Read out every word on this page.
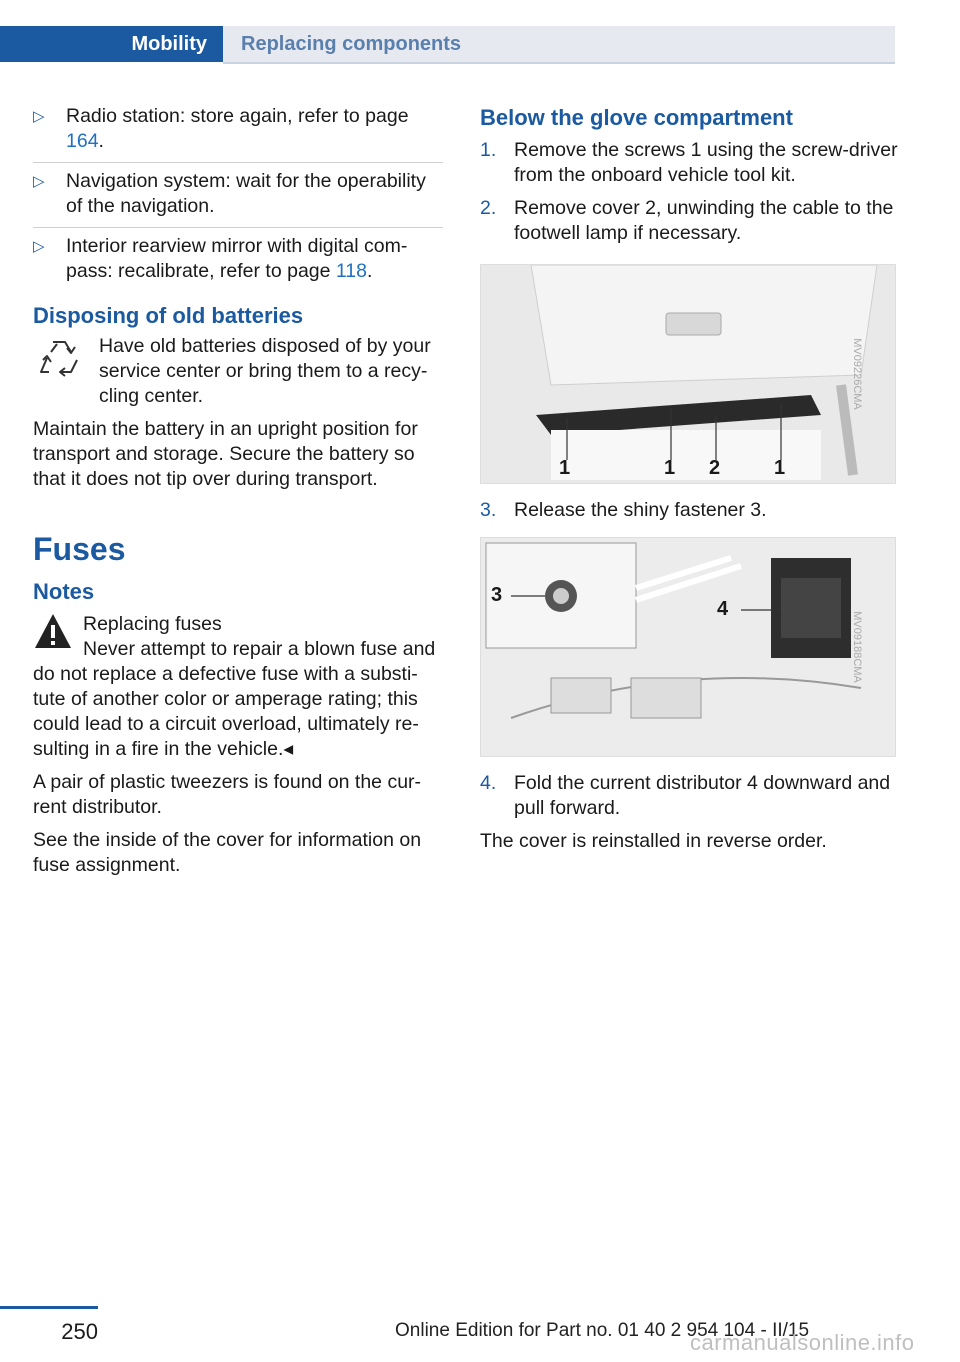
Mobility	Replacing components
▷ Radio station: store again, refer to page 164.
▷ Navigation system: wait for the operability of the navigation.
▷ Interior rearview mirror with digital com‐pass: recalibrate, refer to page 118.
Disposing of old batteries
Have old batteries disposed of by your service center or bring them to a recy‐cling center.

Maintain the battery in an upright position for transport and storage. Secure the battery so that it does not tip over during transport.

Fuses
Notes
Replacing fuses

Never attempt to repair a blown fuse and do not replace a defective fuse with a substi‐tute of another color or amperage rating; this could lead to a circuit overload, ultimately re‐sulting in a fire in the vehicle.◂

A pair of plastic tweezers is found on the cur‐rent distributor.

See the inside of the cover for information on fuse assignment.

Below the glove compartment
1. Remove the screws 1 using the screw‐driver from the onboard vehicle tool kit.
2. Remove cover 2, unwinding the cable to the footwell lamp if necessary.
1	1 2	1
MV09226CMA
3. Release the shiny fastener 3.
3
4
MV09188CMA
4. Fold the current distributor 4 downward and pull forward.

The cover is reinstalled in reverse order.

250	Online Edition for Part no. 01 40 2 954 104 - II/15
carmanualsonline.info
